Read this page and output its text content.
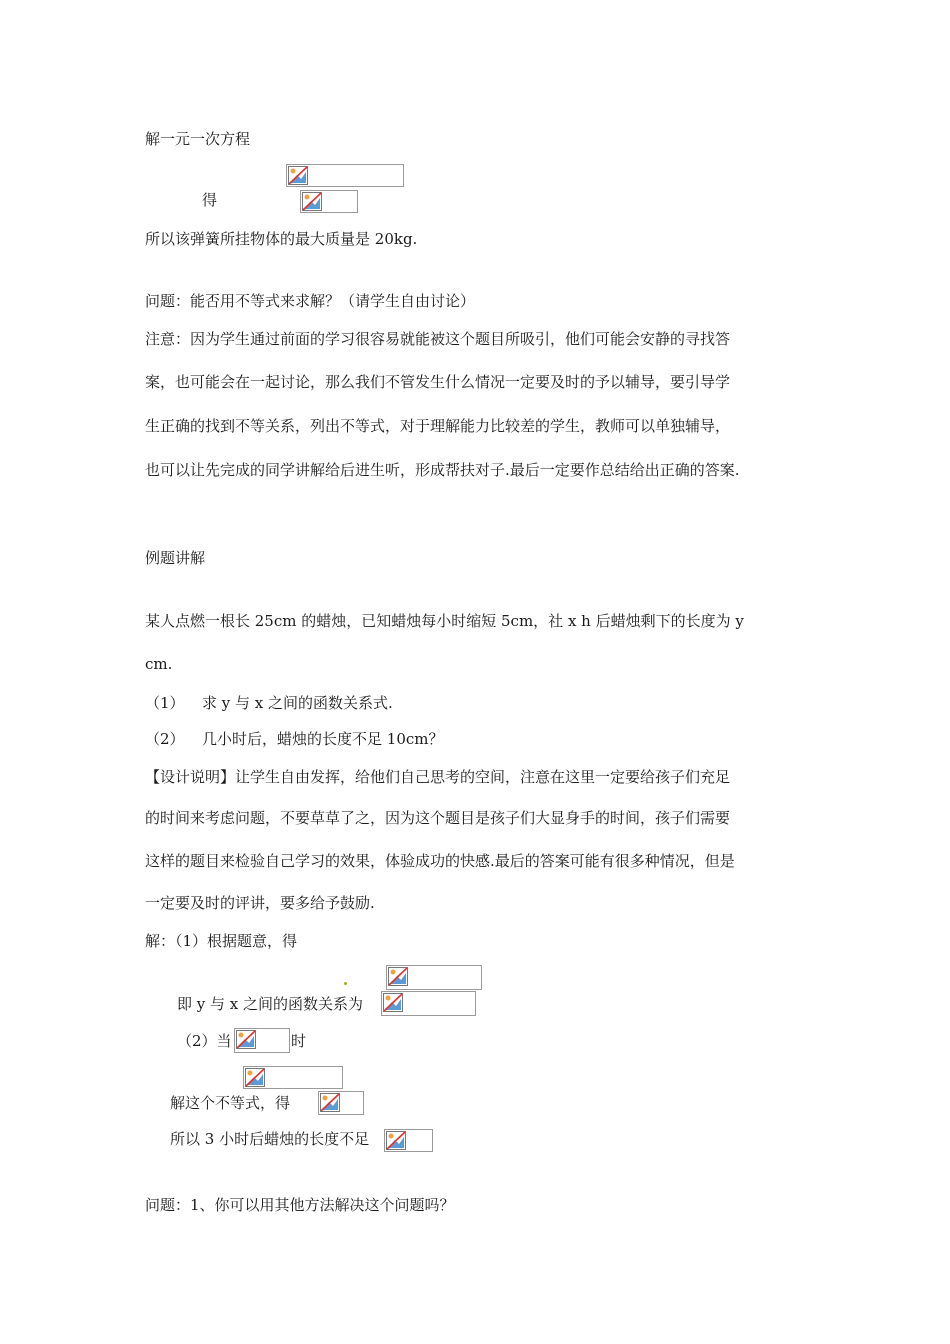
解一元一次方程
得
所以该弹簧所挂物体的最大质量是 20kg.
问题：能否用不等式来求解？（请学生自由讨论）
注意：因为学生通过前面的学习很容易就能被这个题目所吸引，他们可能会安静的寻找答
案，也可能会在一起讨论，那么我们不管发生什么情况一定要及时的予以辅导，要引导学
生正确的找到不等关系，列出不等式，对于理解能力比较差的学生，教师可以单独辅导，
也可以让先完成的同学讲解给后进生听，形成帮扶对子.最后一定要作总结给出正确的答案.
例题讲解
某人点燃一根长 25cm 的蜡烛，已知蜡烛每小时缩短 5cm，社 x h 后蜡烛剩下的长度为 y
cm.
（1） 求 y 与 x 之间的函数关系式.
（2） 几小时后，蜡烛的长度不足 10cm？
【设计说明】让学生自由发挥，给他们自己思考的空间，注意在这里一定要给孩子们充足
的时间来考虑问题，不要草草了之，因为这个题目是孩子们大显身手的时间，孩子们需要
这样的题目来检验自己学习的效果，体验成功的快感.最后的答案可能有很多种情况，但是
一定要及时的评讲，要多给予鼓励.
解：（1）根据题意，得
即 y 与 x 之间的函数关系为
（2）当	时
解这个不等式，得
所以 3 小时后蜡烛的长度不足
问题：1、你可以用其他方法解决这个问题吗？
